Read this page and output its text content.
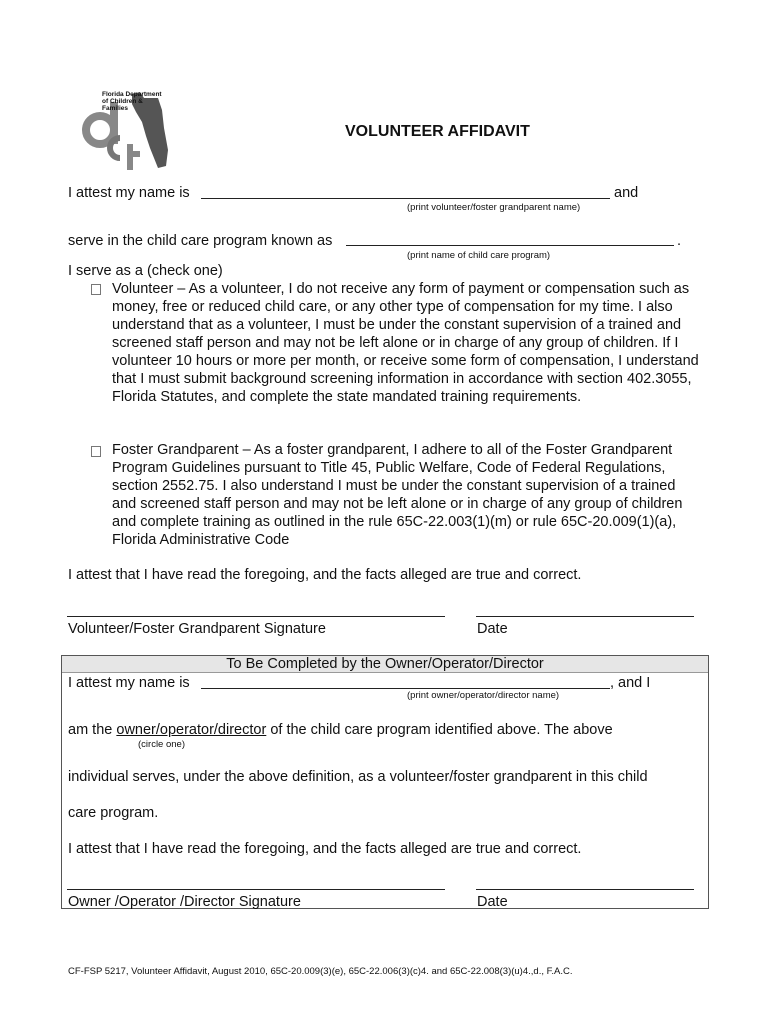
Florida Department of Children & Families
VOLUNTEER AFFIDAVIT
I attest my name is	and
(print volunteer/foster grandparent name)
serve in the child care program known as	.
(print name of child care program)
I serve as a (check one)
Volunteer – As a volunteer, I do not receive any form of payment or compensation such as money, free or reduced child care, or any other type of compensation for my time. I also understand that as a volunteer, I must be under the constant supervision of a trained and screened staff person and may not be left alone or in charge of any group of children. If I volunteer 10 hours or more per month, or receive some form of compensation, I understand that I must submit background screening information in accordance with section 402.3055, Florida Statutes, and complete the state mandated training requirements.
Foster Grandparent – As a foster grandparent, I adhere to all of the Foster Grandparent Program Guidelines pursuant to Title 45, Public Welfare, Code of Federal Regulations, section 2552.75. I also understand I must be under the constant supervision of a trained and screened staff person and may not be left alone or in charge of any group of children and complete training as outlined in the rule 65C-22.003(1)(m) or rule 65C-20.009(1)(a), Florida Administrative Code
I attest that I have read the foregoing, and the facts alleged are true and correct.
Volunteer/Foster Grandparent Signature	Date
To Be Completed by the Owner/Operator/Director
I attest my name is	, and I
(print owner/operator/director name)
am the owner/operator/director of the child care program identified above. The above
(circle one)
individual serves, under the above definition, as a volunteer/foster grandparent in this child
care program.
I attest that I have read the foregoing, and the facts alleged are true and correct.
Owner /Operator /Director Signature	Date
CF-FSP 5217, Volunteer Affidavit, August 2010, 65C-20.009(3)(e), 65C-22.006(3)(c)4. and 65C-22.008(3)(u)4.,d., F.A.C.
